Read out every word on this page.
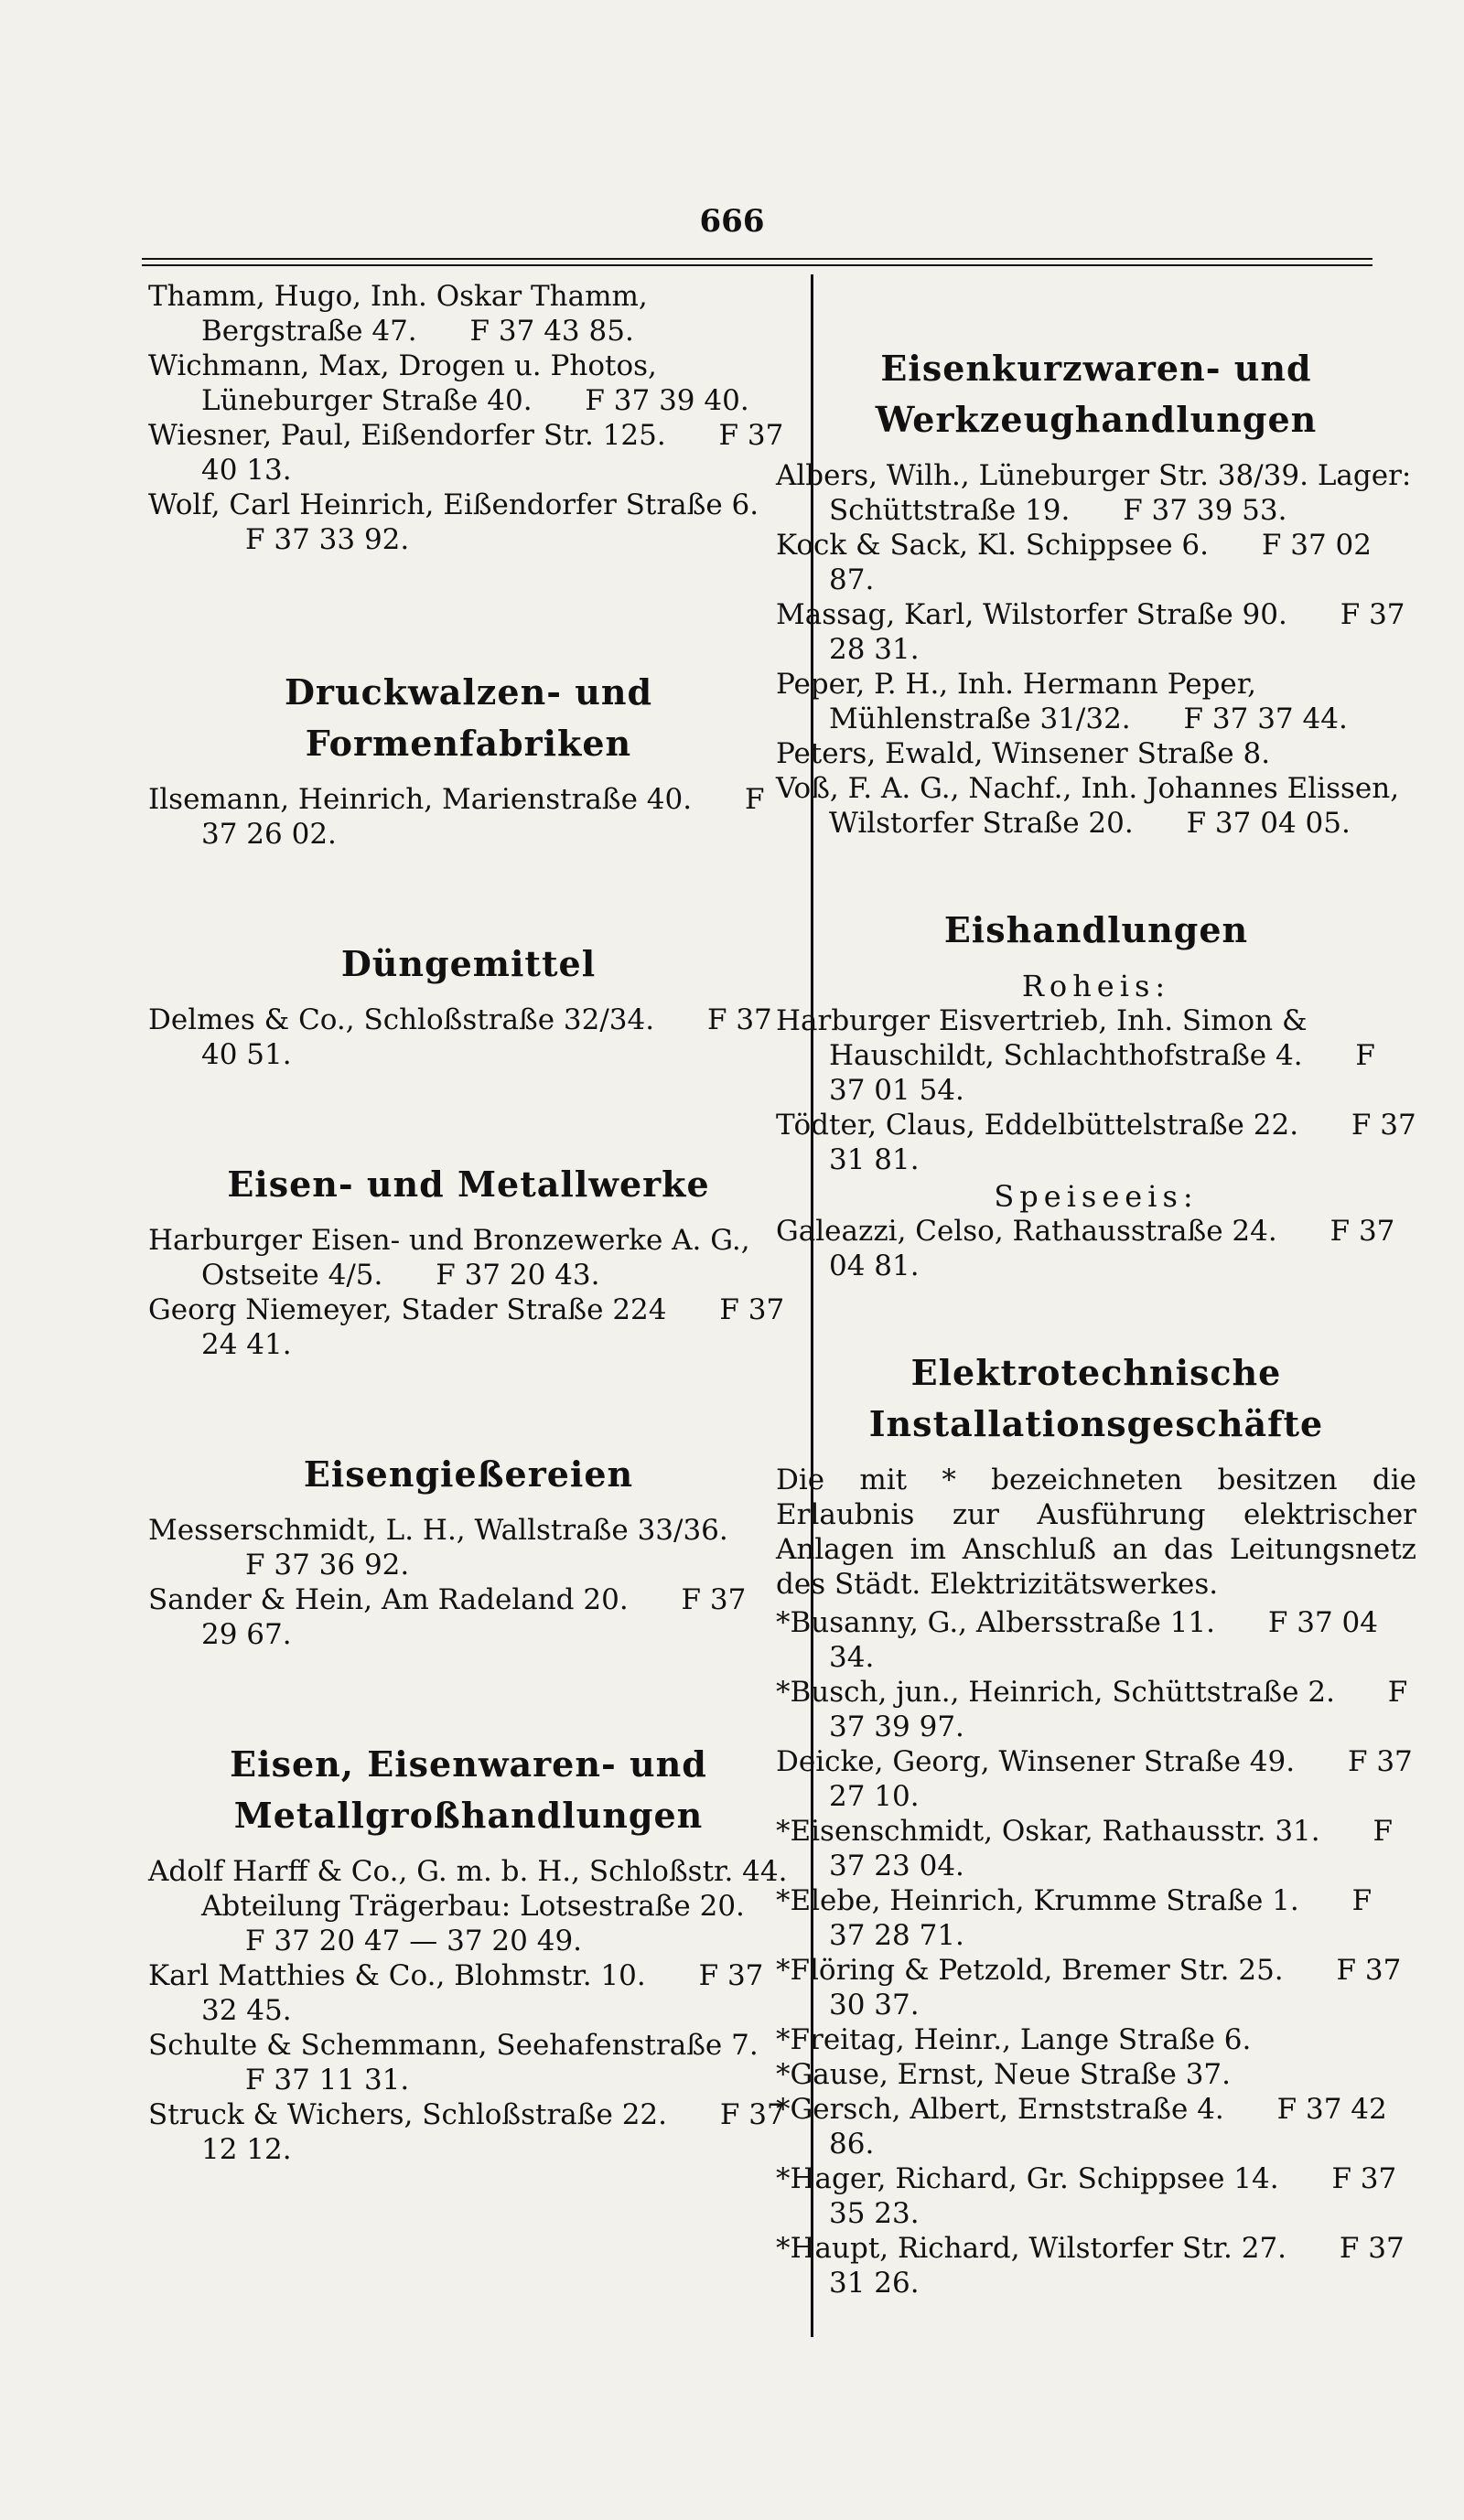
666
Thamm, Hugo, Inh. Oskar Thamm, Bergstraße 47. F 37 43 85.
Wichmann, Max, Drogen u. Photos, Lüneburger Straße 40. F 37 39 40.
Wiesner, Paul, Eißendorfer Str. 125. F 37 40 13.
Wolf, Carl Heinrich, Eißendorfer Straße 6. F 37 33 92.
Druckwalzen- und Formenfabriken
Ilsemann, Heinrich, Marienstraße 40. F 37 26 02.
Düngemittel
Delmes & Co., Schloßstraße 32/34. F 37 40 51.
Eisen- und Metallwerke
Harburger Eisen- und Bronzewerke A. G., Ostseite 4/5. F 37 20 43.
Georg Niemeyer, Stader Straße 224 F 37 24 41.
Eisengießereien
Messerschmidt, L. H., Wallstraße 33/36. F 37 36 92.
Sander & Hein, Am Radeland 20. F 37 29 67.
Eisen, Eisenwaren- und Metallgroßhandlungen
Adolf Harff & Co., G. m. b. H., Schloßstr. 44. Abteilung Trägerbau: Lotsestraße 20. F 37 20 47 — 37 20 49.
Karl Matthies & Co., Blohmstr. 10. F 37 32 45.
Schulte & Schemmann, Seehafenstraße 7. F 37 11 31.
Struck & Wichers, Schloßstraße 22. F 37 12 12.
Eisenkurzwaren- und Werkzeughandlungen
Albers, Wilh., Lüneburger Str. 38/39. Lager: Schüttstraße 19. F 37 39 53.
Kock & Sack, Kl. Schippsee 6. F 37 02 87.
Massag, Karl, Wilstorfer Straße 90. F 37 28 31.
Peper, P. H., Inh. Hermann Peper, Mühlenstraße 31/32. F 37 37 44.
Peters, Ewald, Winsener Straße 8.
Voß, F. A. G., Nachf., Inh. Johannes Elissen, Wilstorfer Straße 20. F 37 04 05.
Eishandlungen
Roheis:
Harburger Eisvertrieb, Inh. Simon & Hauschildt, Schlachthofstraße 4. F 37 01 54.
Tödter, Claus, Eddelbüttelstraße 22. F 37 31 81.
Speiseeis:
Galeazzi, Celso, Rathausstraße 24. F 37 04 81.
Elektrotechnische Installationsgeschäfte

Die mit * bezeichneten besitzen die Erlaubnis zur Ausführung elektrischer Anlagen im Anschluß an das Leitungsnetz des Städt. Elektrizitätswerkes.

*Busanny, G., Albersstraße 11. F 37 04 34.
*Busch, jun., Heinrich, Schüttstraße 2. F 37 39 97.
Deicke, Georg, Winsener Straße 49. F 37 27 10.
*Eisenschmidt, Oskar, Rathausstr. 31. F 37 23 04.
*Elebe, Heinrich, Krumme Straße 1. F 37 28 71.
*Flöring & Petzold, Bremer Str. 25. F 37 30 37.
*Freitag, Heinr., Lange Straße 6.
*Gause, Ernst, Neue Straße 37.
*Gersch, Albert, Ernststraße 4. F 37 42 86.
*Hager, Richard, Gr. Schippsee 14. F 37 35 23.
*Haupt, Richard, Wilstorfer Str. 27. F 37 31 26.
